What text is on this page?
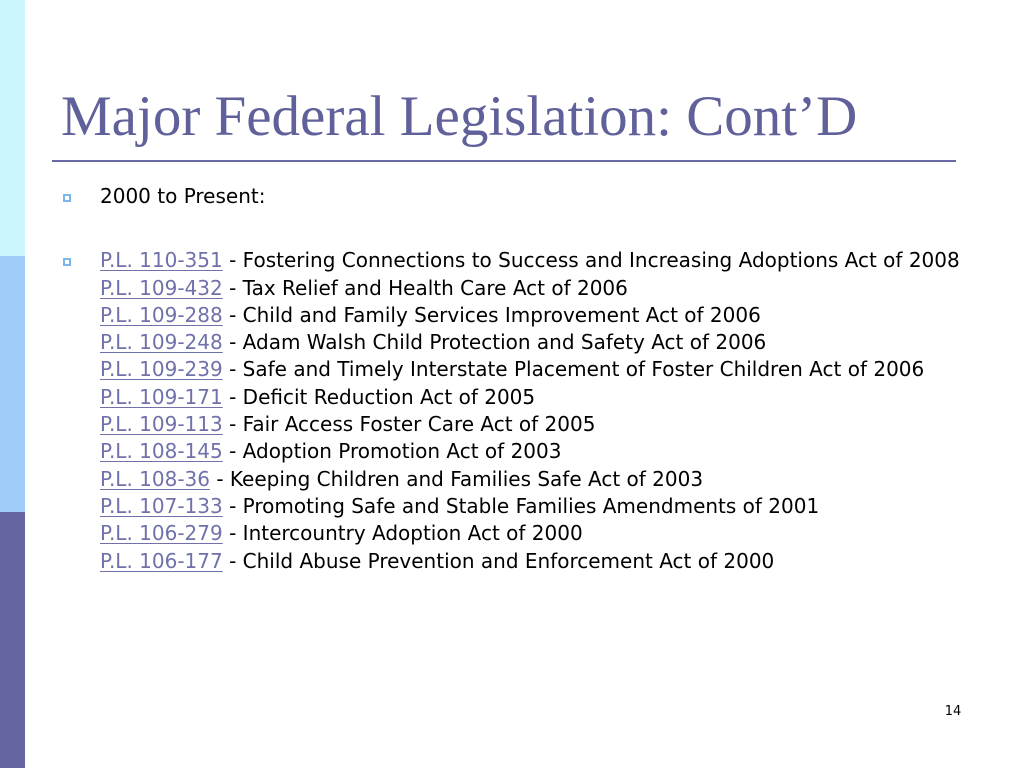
Major Federal Legislation: Cont’D
2000 to Present:
P.L. 110-351 - Fostering Connections to Success and Increasing Adoptions Act of 2008
P.L. 109-432 - Tax Relief and Health Care Act of 2006
P.L. 109-288 - Child and Family Services Improvement Act of 2006
P.L. 109-248 - Adam Walsh Child Protection and Safety Act of 2006
P.L. 109-239 - Safe and Timely Interstate Placement of Foster Children Act of 2006
P.L. 109-171 - Deficit Reduction Act of 2005
P.L. 109-113 - Fair Access Foster Care Act of 2005
P.L. 108-145 - Adoption Promotion Act of 2003
P.L. 108-36 - Keeping Children and Families Safe Act of 2003
P.L. 107-133 - Promoting Safe and Stable Families Amendments of 2001
P.L. 106-279 - Intercountry Adoption Act of 2000
P.L. 106-177 - Child Abuse Prevention and Enforcement Act of 2000
14
